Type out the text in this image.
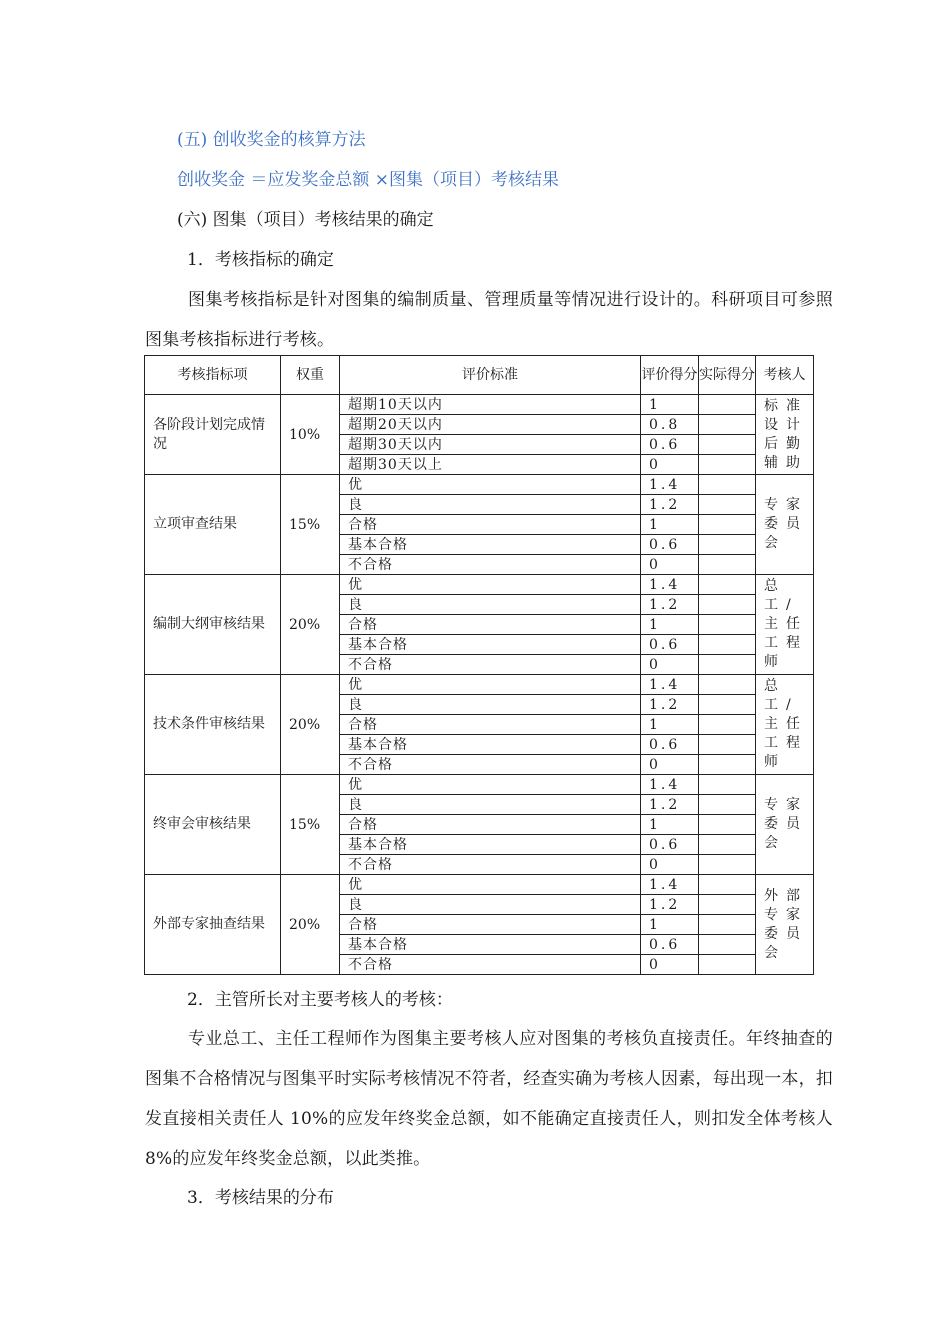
(五) 创收奖金的核算方法
创收奖金 ＝应发奖金总额 ×图集（项目）考核结果
(六) 图集（项目）考核结果的确定
1．考核指标的确定
图集考核指标是针对图集的编制质量、管理质量等情况进行设计的。科研项目可参照图集考核指标进行考核。
考核指标项	权重	评价标准	评价得分	实际得分	考核人
各阶段计划完成情况	10%	超期10天以内	1		标准设计后勤辅助
		超期20天以内	0.8		
		超期30天以内	0.6		
		超期30天以上	0		
立项审查结果	15%	优	1.4		专家委员会
		良	1.2		
		合格	1		
		基本合格	0.6		
		不合格	0		
编制大纲审核结果	20%	优	1.4		总工/主任工程师
		良	1.2		
		合格	1		
		基本合格	0.6		
		不合格	0		
技术条件审核结果	20%	优	1.4		总工/主任工程师
		良	1.2		
		合格	1		
		基本合格	0.6		
		不合格	0		
终审会审核结果	15%	优	1.4		专家委员会
		良	1.2		
		合格	1		
		基本合格	0.6		
		不合格	0		
外部专家抽查结果	20%	优	1.4		外部专家委员会
		良	1.2		
		合格	1		
		基本合格	0.6		
		不合格	0		
2．主管所长对主要考核人的考核：
专业总工、主任工程师作为图集主要考核人应对图集的考核负直接责任。年终抽查的图集不合格情况与图集平时实际考核情况不符者，经查实确为考核人因素，每出现一本，扣发直接相关责任人 10%的应发年终奖金总额，如不能确定直接责任人，则扣发全体考核人 8%的应发年终奖金总额，以此类推。
3．考核结果的分布
